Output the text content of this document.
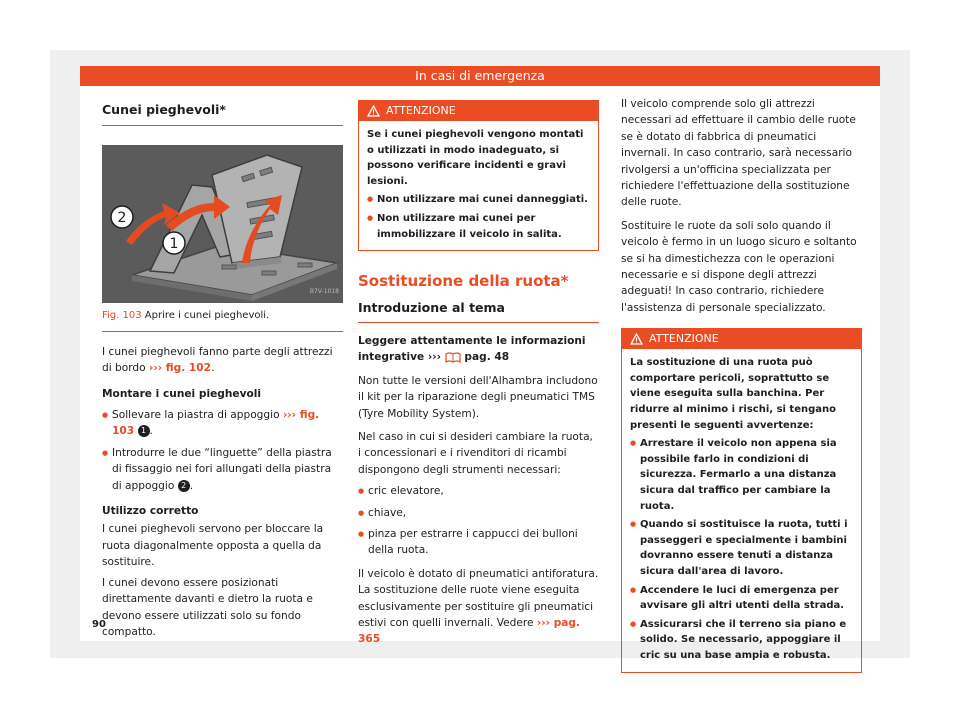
In casi di emergenza
Cunei pieghevoli*
1
2
B7V-1018
Fig. 103 Aprire i cunei pieghevoli.

I cunei pieghevoli fanno parte degli attrezzi di bordo ››› fig. 102.

Montare i cunei pieghevoli

● Sollevare la piastra di appoggio ››› fig. 103 1 .
● Introdurre le due “linguette” della piastra di fissaggio nei fori allungati della piastra di appoggio 2 .

Utilizzo corretto

I cunei pieghevoli servono per bloccare la ruota diagonalmente opposta a quella da sostituire.

I cunei devono essere posizionati direttamente davanti e dietro la ruota e devono essere utilizzati solo su fondo compatto.

ATTENZIONE
Se i cunei pieghevoli vengono montati o utilizzati in modo inadeguato, si possono verificare incidenti e gravi lesioni.
● Non utilizzare mai cunei danneggiati.
● Non utilizzare mai cunei per immobilizzare il veicolo in salita.
Sostituzione della ruota*
Introduzione al tema

Leggere attentamente le informazioni integrative ››› pag. 48

Non tutte le versioni dell'Alhambra includono il kit per la riparazione degli pneumatici TMS (Tyre Mobility System).

Nel caso in cui si desideri cambiare la ruota, i concessionari e i rivenditori di ricambi dispongono degli strumenti necessari:

● cric elevatore,
● chiave,
● pinza per estrarre i cappucci dei bulloni della ruota.

Il veicolo è dotato di pneumatici antiforatura. La sostituzione delle ruote viene eseguita esclusivamente per sostituire gli pneumatici estivi con quelli invernali. Vedere ››› pag. 365

Il veicolo comprende solo gli attrezzi necessari ad effettuare il cambio delle ruote se è dotato di fabbrica di pneumatici invernali. In caso contrario, sarà necessario rivolgersi a un'officina specializzata per richiedere l'effettuazione della sostituzione delle ruote.

Sostituire le ruote da soli solo quando il veicolo è fermo in un luogo sicuro e soltanto se si ha dimestichezza con le operazioni necessarie e si dispone degli attrezzi adeguati! In caso contrario, richiedere l'assistenza di personale specializzato.

ATTENZIONE
La sostituzione di una ruota può comportare pericoli, soprattutto se viene eseguita sulla banchina. Per ridurre al minimo i rischi, si tengano presenti le seguenti avvertenze:
● Arrestare il veicolo non appena sia possibile farlo in condizioni di sicurezza. Fermarlo a una distanza sicura dal traffico per cambiare la ruota.
● Quando si sostituisce la ruota, tutti i passeggeri e specialmente i bambini dovranno essere tenuti a distanza sicura dall'area di lavoro.
● Accendere le luci di emergenza per avvisare gli altri utenti della strada.
● Assicurarsi che il terreno sia piano e solido. Se necessario, appoggiare il cric su una base ampia e robusta.
90
